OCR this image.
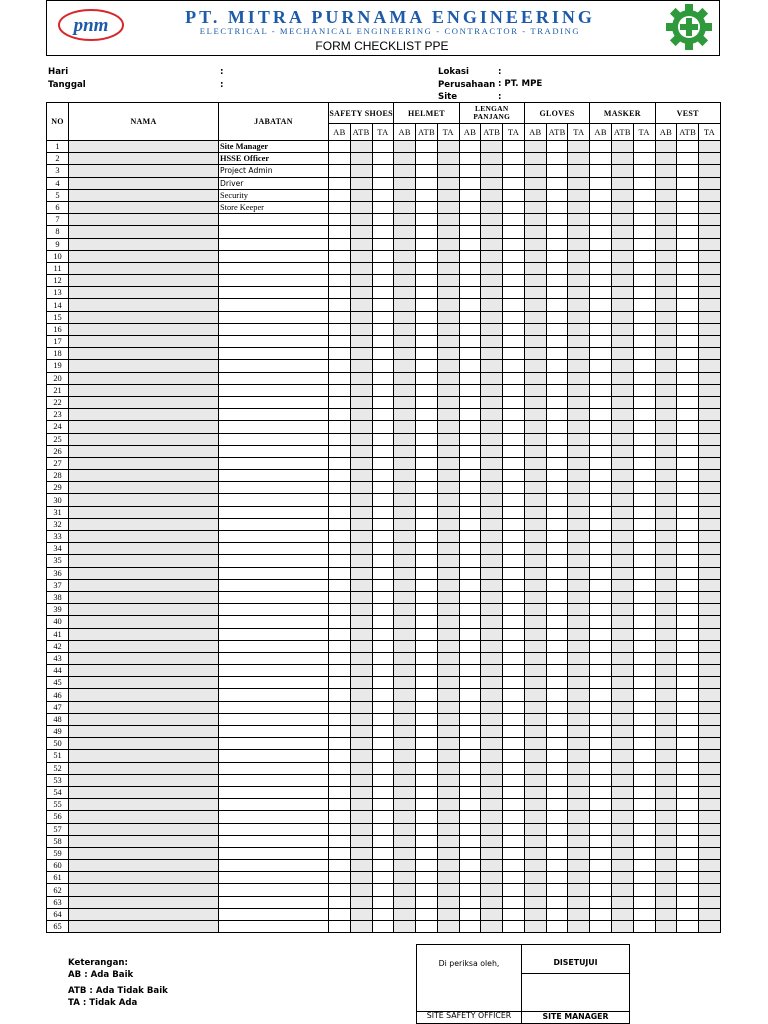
pnm	PT. MITRA PURNAMA ENGINEERING
ELECTRICAL - MECHANICAL ENGINEERING - CONTRACTOR - TRADING
FORM CHECKLIST PPE
Hari	:
Tanggal	:
Lokasi	:
Perusahaan : PT. MPE
Site	:
NO	NAMA	JABATAN	SAFETY SHOES			HELMET			LENGAN PANJANG			GLOVES			MASKER			VEST		
			AB	ATB	TA	AB	ATB	TA	AB	ATB	TA	AB	ATB	TA	AB	ATB	TA	AB	ATB	TA
1		Site Manager																		
2		HSSE Officer																		
3		Project Admin																		
4		Driver																		
5		Security																		
6		Store Keeper																		
7																				
8																				
9																				
10																				
11																				
12																				
13																				
14																				
15																				
16																				
17																				
18																				
19																				
20																				
21																				
22																				
23																				
24																				
25																				
26																				
27																				
28																				
29																				
30																				
31																				
32																				
33																				
34																				
35																				
36																				
37																				
38																				
39																				
40																				
41																				
42																				
43																				
44																				
45																				
46																				
47																				
48																				
49																				
50																				
51																				
52																				
53																				
54																				
55																				
56																				
57																				
58																				
59																				
60																				
61																				
62																				
63																				
64																				
65																				
Keterangan:
AB : Ada Baik
ATB : Ada Tidak Baik
TA : Tidak Ada
Di periksa oleh,	DISETUJUI
SITE SAFETY OFFICER	SITE MANAGER
